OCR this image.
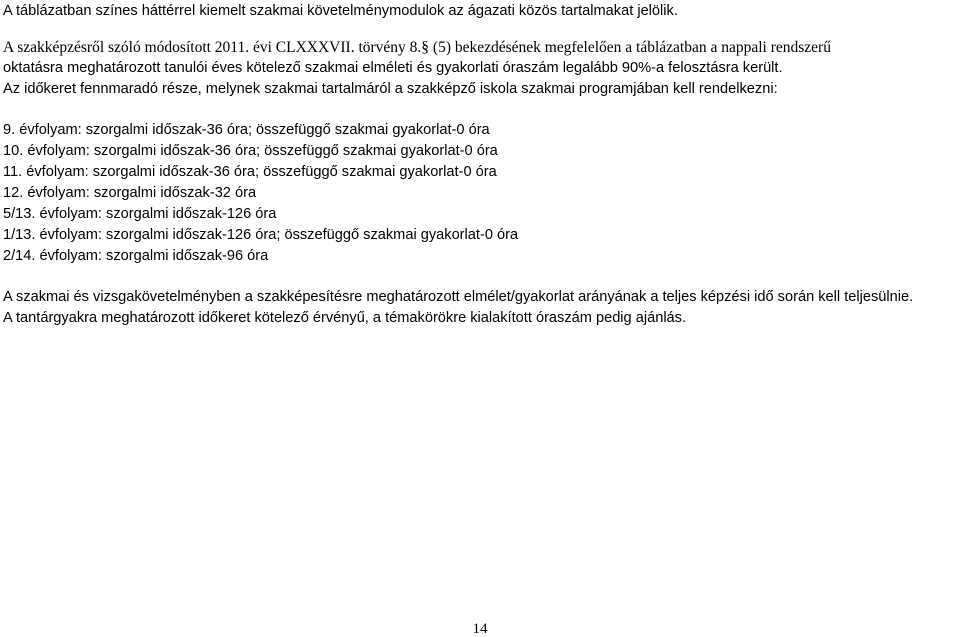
A táblázatban színes háttérrel kiemelt szakmai követelménymodulok az ágazati közös tartalmakat jelölik.

A szakképzésről szóló módosított 2011. évi CLXXXVII. törvény 8.§ (5) bekezdésének megfelelően a táblázatban a nappali rendszerű

oktatásra meghatározott tanulói éves kötelező szakmai elméleti és gyakorlati óraszám legalább 90%-a felosztásra került.

Az időkeret fennmaradó része, melynek szakmai tartalmáról a szakképző iskola szakmai programjában kell rendelkezni:

9. évfolyam: szorgalmi időszak-36 óra; összefüggő szakmai gyakorlat-0 óra

10. évfolyam: szorgalmi időszak-36 óra; összefüggő szakmai gyakorlat-0 óra

11. évfolyam: szorgalmi időszak-36 óra; összefüggő szakmai gyakorlat-0 óra

12. évfolyam: szorgalmi időszak-32 óra

5/13. évfolyam: szorgalmi időszak-126 óra

1/13. évfolyam: szorgalmi időszak-126 óra; összefüggő szakmai gyakorlat-0 óra

2/14. évfolyam: szorgalmi időszak-96 óra

A szakmai és vizsgakövetelményben a szakképesítésre meghatározott elmélet/gyakorlat arányának a teljes képzési idő során kell teljesülnie.

A tantárgyakra meghatározott időkeret kötelező érvényű, a témakörökre kialakított óraszám pedig ajánlás.

14
